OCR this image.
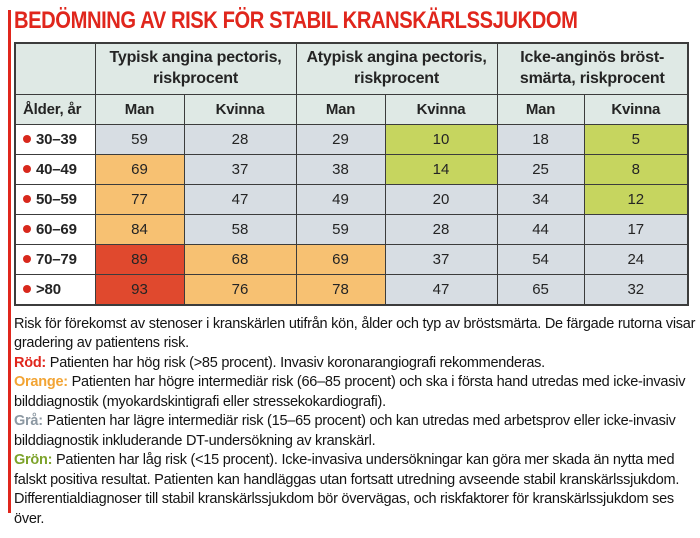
BEDÖMNING AV RISK FÖR STABIL KRANSKÄRLSSJUKDOM
	Typisk angina pectoris, riskprocent		Atypisk angina pectoris, riskprocent		Icke-anginös bröstsmärta, riskprocent	
Ålder, år	Man	Kvinna	Man	Kvinna	Man	Kvinna
30–39	59	28	29	10	18	5
40–49	69	37	38	14	25	8
50–59	77	47	49	20	34	12
60–69	84	58	59	28	44	17
70–79	89	68	69	37	54	24
>80	93	76	78	47	65	32

Risk för förekomst av stenoser i kranskärlen utifrån kön, ålder och typ av bröstsmärta. De färgade rutorna visar gradering av patientens risk.

Röd: Patienten har hög risk (>85 procent). Invasiv koronarangiografi rekommenderas.

Orange: Patienten har högre intermediär risk (66–85 procent) och ska i första hand utredas med icke-invasiv bilddiagnostik (myokardskintigrafi eller stressekokardiografi).

Grå: Patienten har lägre intermediär risk (15–65 procent) och kan utredas med arbetsprov eller icke-invasiv bilddiagnostik inkluderande DT-undersökning av kranskärl.

Grön: Patienten har låg risk (<15 procent). Icke-invasiva undersökningar kan göra mer skada än nytta med falskt positiva resultat. Patienten kan handläggas utan fortsatt utredning avseende stabil kranskärlssjukdom. Differentialdiagnoser till stabil kranskärlssjukdom bör övervägas, och riskfaktorer för kranskärlssjukdom ses över.
